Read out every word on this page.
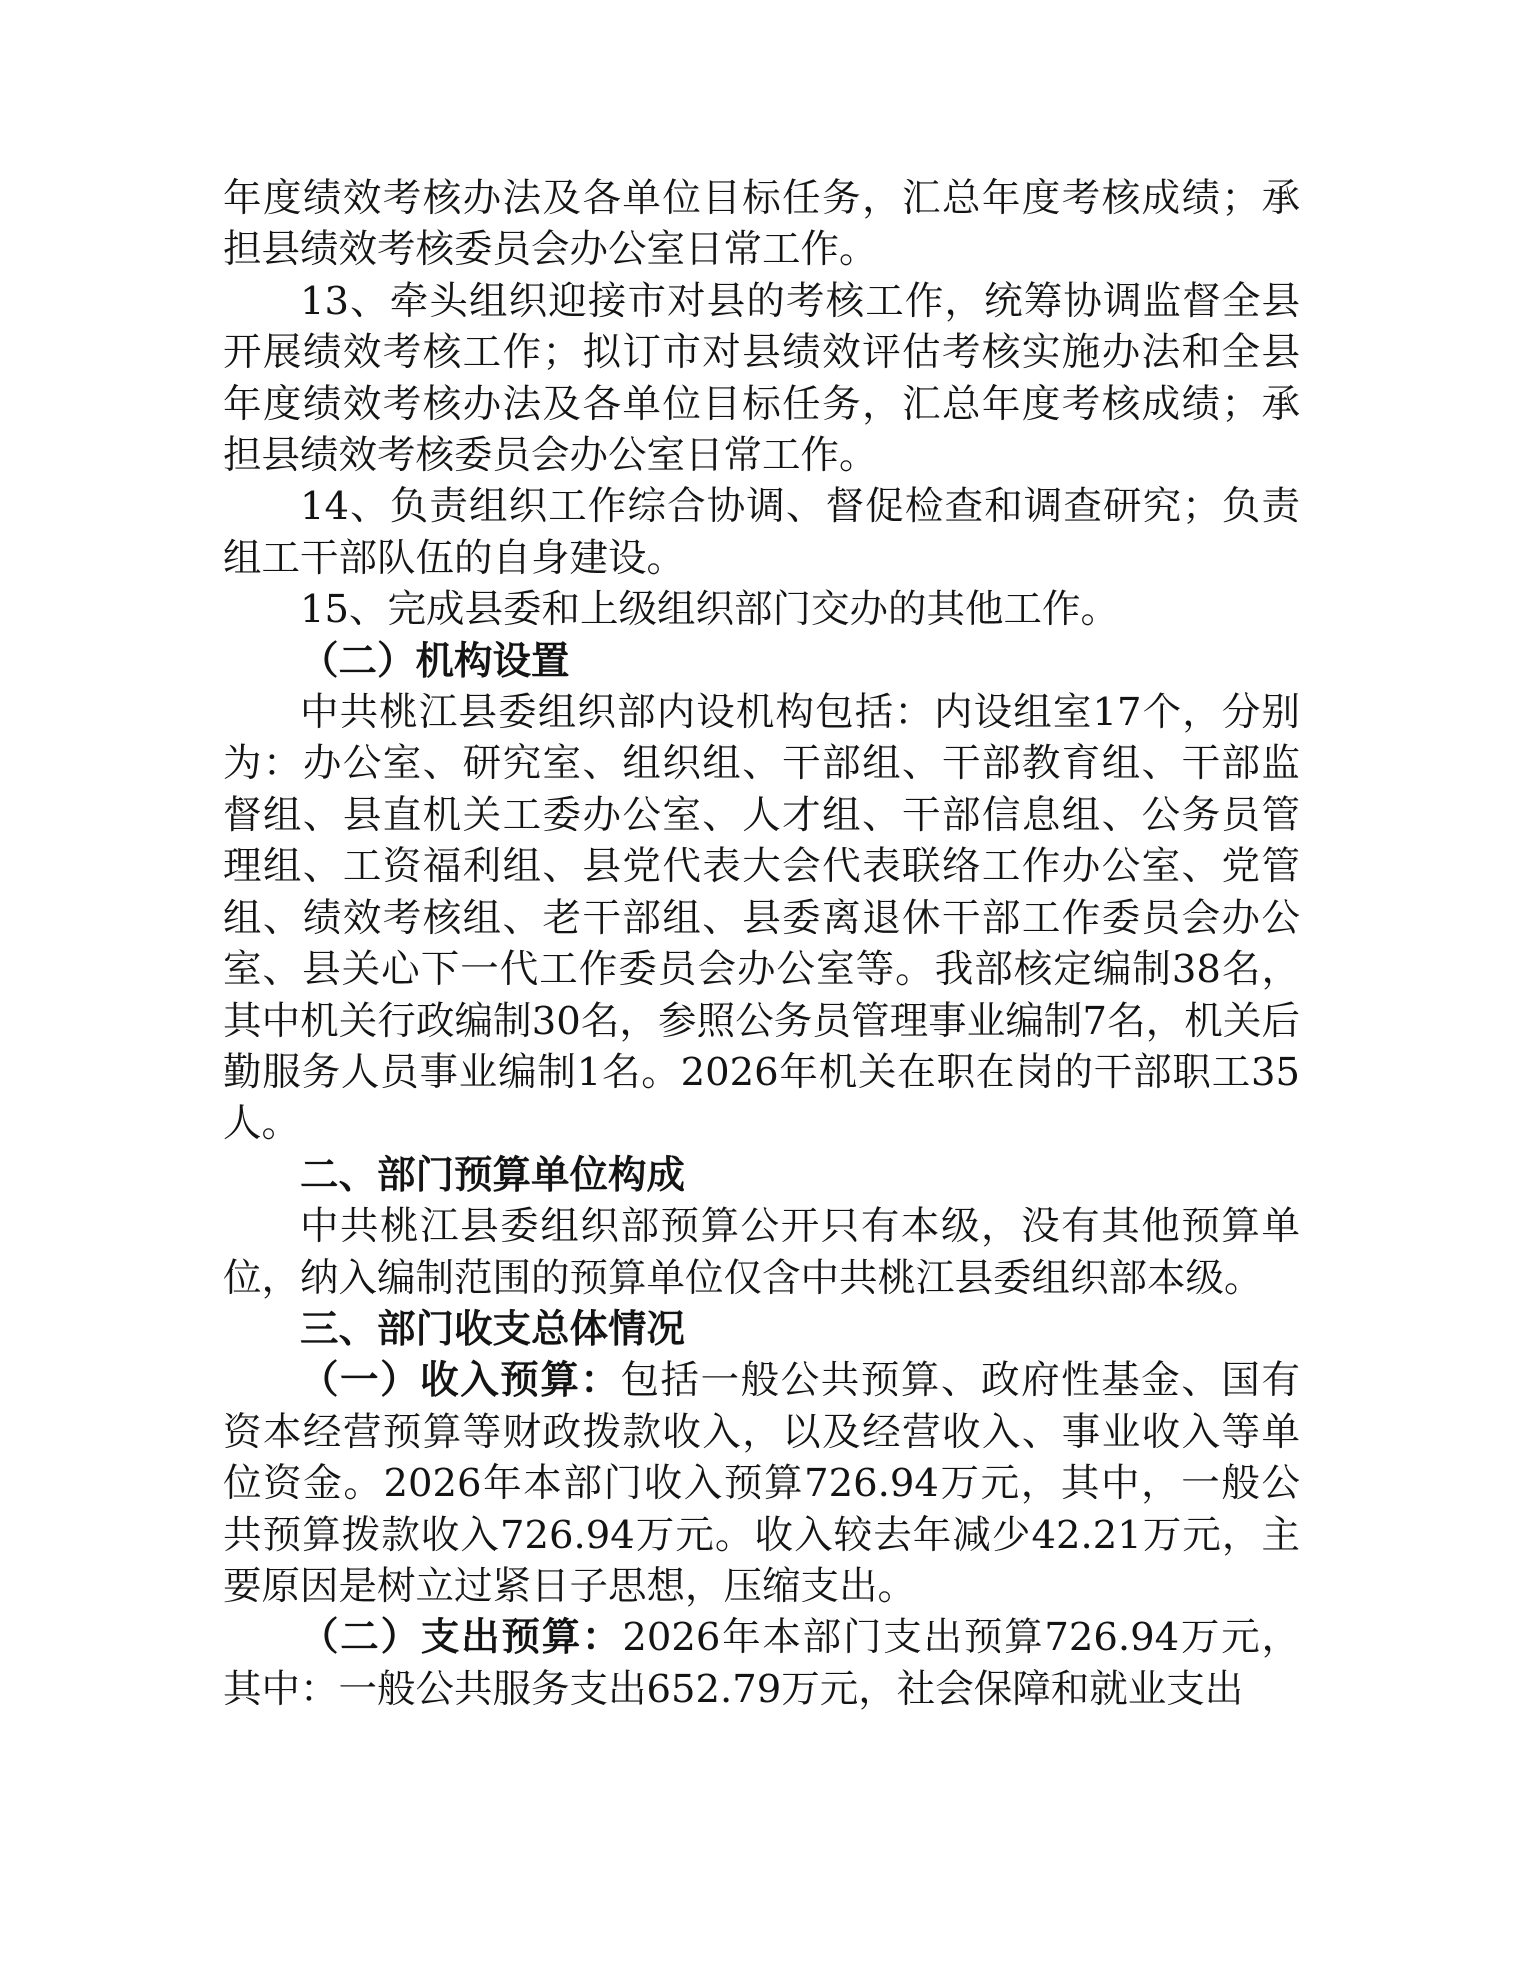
年度绩效考核办法及各单位目标任务，汇总年度考核成绩；承担县绩效考核委员会办公室日常工作。

13、牵头组织迎接市对县的考核工作，统筹协调监督全县开展绩效考核工作；拟订市对县绩效评估考核实施办法和全县年度绩效考核办法及各单位目标任务，汇总年度考核成绩；承担县绩效考核委员会办公室日常工作。

14、负责组织工作综合协调、督促检查和调查研究；负责组工干部队伍的自身建设。

15、完成县委和上级组织部门交办的其他工作。

（二）机构设置

中共桃江县委组织部内设机构包括：内设组室17个，分别为：办公室、研究室、组织组、干部组、干部教育组、干部监督组、县直机关工委办公室、人才组、干部信息组、公务员管理组、工资福利组、县党代表大会代表联络工作办公室、党管组、绩效考核组、老干部组、县委离退休干部工作委员会办公室、县关心下一代工作委员会办公室等。我部核定编制38名，其中机关行政编制30名，参照公务员管理事业编制7名，机关后勤服务人员事业编制1名。2026年机关在职在岗的干部职工35人。

二、部门预算单位构成

中共桃江县委组织部预算公开只有本级，没有其他预算单位，纳入编制范围的预算单位仅含中共桃江县委组织部本级。

三、部门收支总体情况

（一）收入预算：包括一般公共预算、政府性基金、国有资本经营预算等财政拨款收入，以及经营收入、事业收入等单位资金。2026年本部门收入预算726.94万元，其中，一般公共预算拨款收入726.94万元。收入较去年减少42.21万元，主要原因是树立过紧日子思想，压缩支出。

（二）支出预算：2026年本部门支出预算726.94万元，其中：一般公共服务支出652.79万元，社会保障和就业支出
